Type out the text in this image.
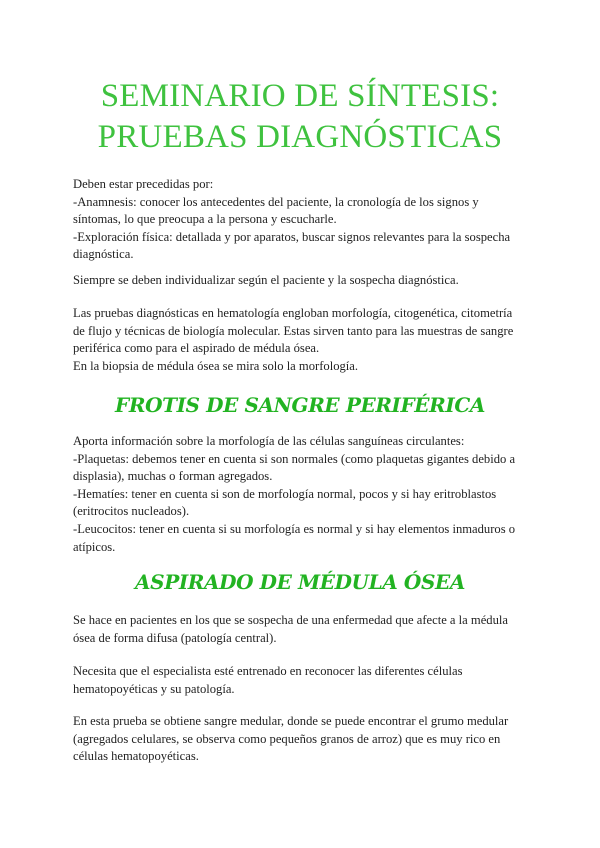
SEMINARIO DE SÍNTESIS:
PRUEBAS DIAGNÓSTICAS

Deben estar precedidas por:

-Anamnesis: conocer los antecedentes del paciente, la cronología de los signos y

síntomas, lo que preocupa a la persona y escucharle.

-Exploración física: detallada y por aparatos, buscar signos relevantes para la sospecha

diagnóstica.

Siempre se deben individualizar según el paciente y la sospecha diagnóstica.

Las pruebas diagnósticas en hematología engloban morfología, citogenética, citometría

de flujo y técnicas de biología molecular. Estas sirven tanto para las muestras de sangre

periférica como para el aspirado de médula ósea.

En la biopsia de médula ósea se mira solo la morfología.

FROTIS DE SANGRE PERIFÉRICA

Aporta información sobre la morfología de las células sanguíneas circulantes:

-Plaquetas: debemos tener en cuenta si son normales (como plaquetas gigantes debido a

displasia), muchas o forman agregados.

-Hematíes: tener en cuenta si son de morfología normal, pocos y si hay eritroblastos

(eritrocitos nucleados).

-Leucocitos: tener en cuenta si su morfología es normal y si hay elementos inmaduros o

atípicos.

ASPIRADO DE MÉDULA ÓSEA

Se hace en pacientes en los que se sospecha de una enfermedad que afecte a la médula

ósea de forma difusa (patología central).

Necesita que el especialista esté entrenado en reconocer las diferentes células

hematopoyéticas y su patología.

En esta prueba se obtiene sangre medular, donde se puede encontrar el grumo medular

(agregados celulares, se observa como pequeños granos de arroz) que es muy rico en

células hematopoyéticas.
